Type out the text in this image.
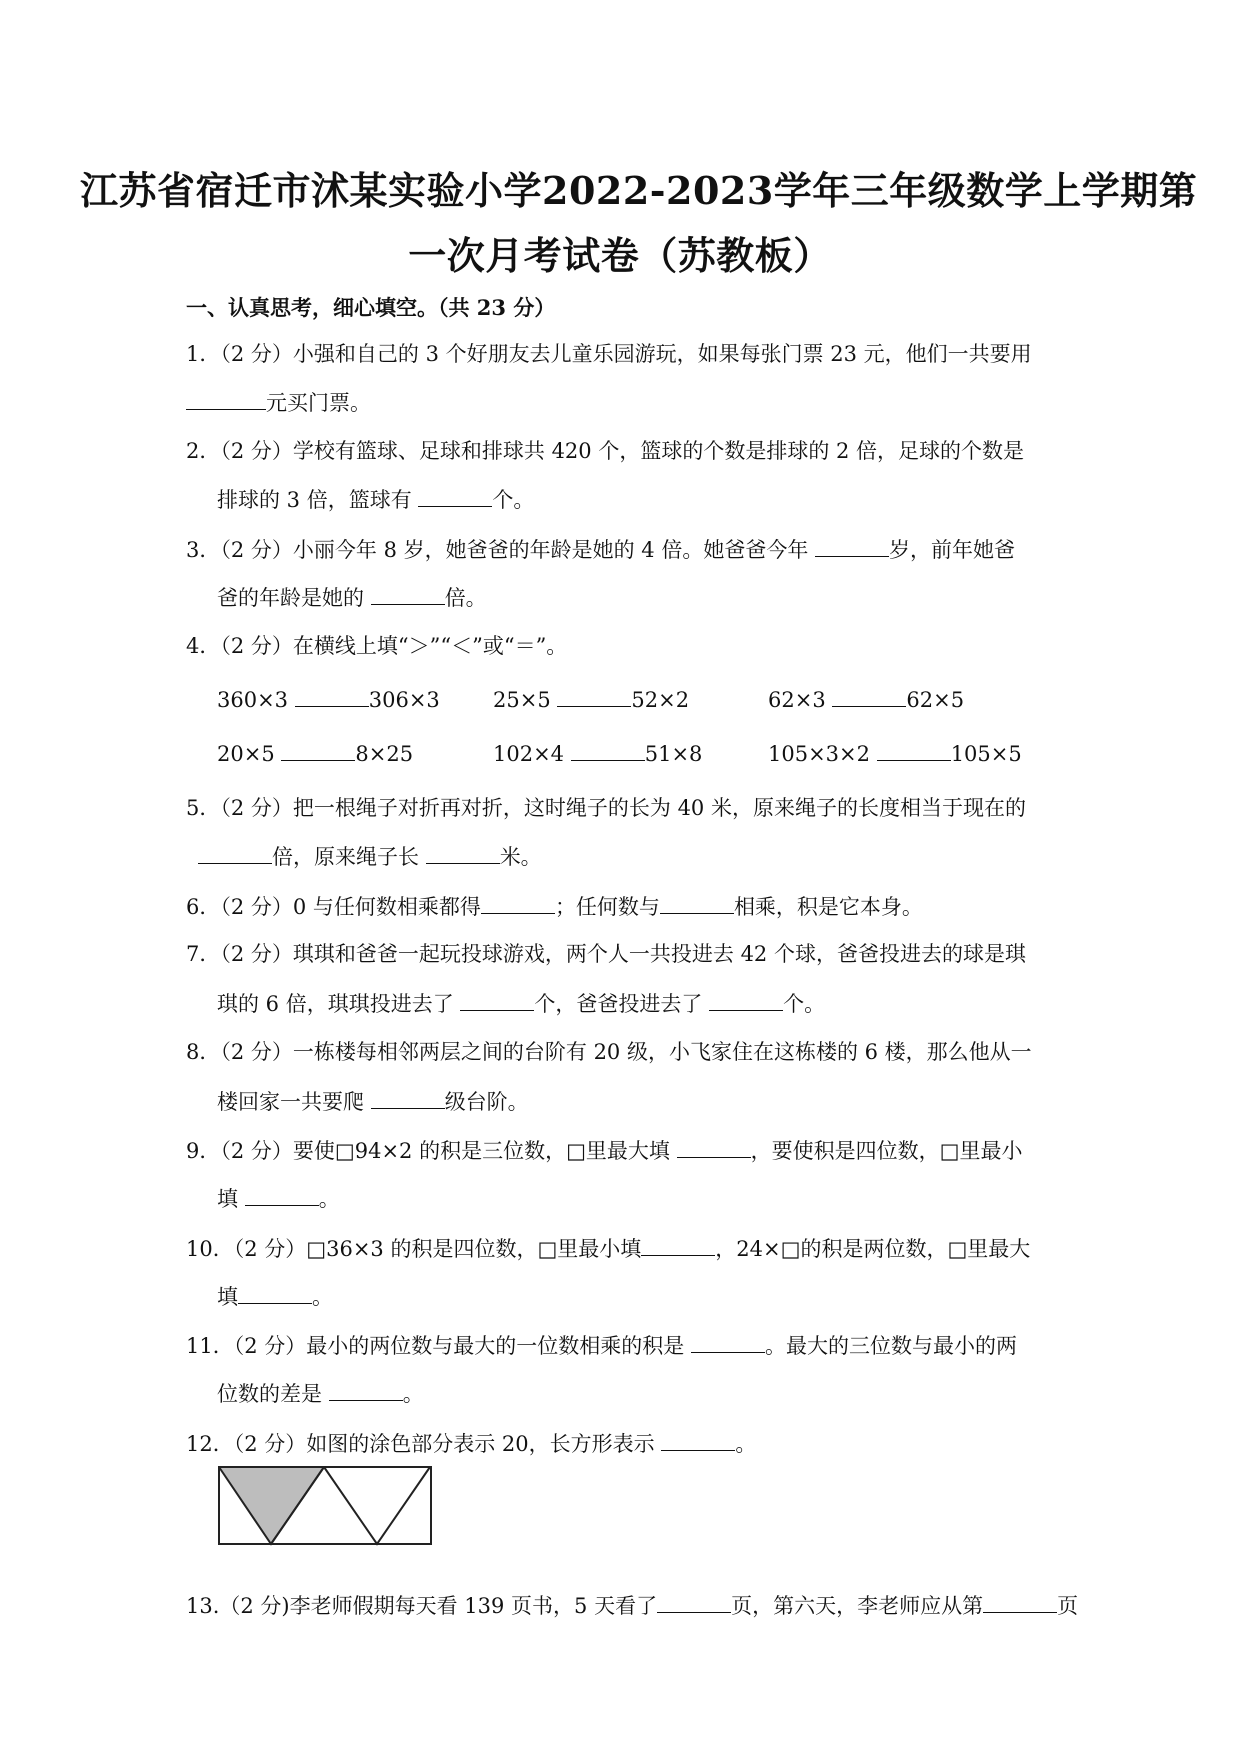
江苏省宿迁市沭某实验小学2022-2023学年三年级数学上学期第
一次月考试卷（苏教板）
一、认真思考，细心填空。（共 23 分）
1．（2 分）小强和自己的 3 个好朋友去儿童乐园游玩，如果每张门票 23 元，他们一共要用
元买门票。
2．（2 分）学校有篮球、足球和排球共 420 个，篮球的个数是排球的 2 倍，足球的个数是
排球的 3 倍，篮球有	个。
3．（2 分）小丽今年 8 岁，她爸爸的年龄是她的 4 倍。她爸爸今年	岁，前年她爸
爸的年龄是她的	倍。
4．（2 分）在横线上填“＞”“＜”或“＝”。
360×3	306×3	25×5	52×2	62×3	62×5
20×5	8×25	102×4	51×8	105×3×2	105×5
5．（2 分）把一根绳子对折再对折，这时绳子的长为 40 米，原来绳子的长度相当于现在的
倍，原来绳子长	米。
6．（2 分）0 与任何数相乘都得	；任何数与	相乘，积是它本身。
7．（2 分）琪琪和爸爸一起玩投球游戏，两个人一共投进去 42 个球，爸爸投进去的球是琪
琪的 6 倍，琪琪投进去了	个，爸爸投进去了	个。
8．（2 分）一栋楼每相邻两层之间的台阶有 20 级，小飞家住在这栋楼的 6 楼，那么他从一
楼回家一共要爬	级台阶。
9．（2 分）要使□94×2 的积是三位数，□里最大填	，要使积是四位数，□里最小
填	。
10．（2 分）□36×3 的积是四位数，□里最小填	，24×□的积是两位数，□里最大
填	。
11．（2 分）最小的两位数与最大的一位数相乘的积是	。最大的三位数与最小的两
位数的差是	。
12．（2 分）如图的涂色部分表示 20，长方形表示	。
13.（2 分)李老师假期每天看 139 页书，5 天看了	页，第六天，李老师应从第	页
